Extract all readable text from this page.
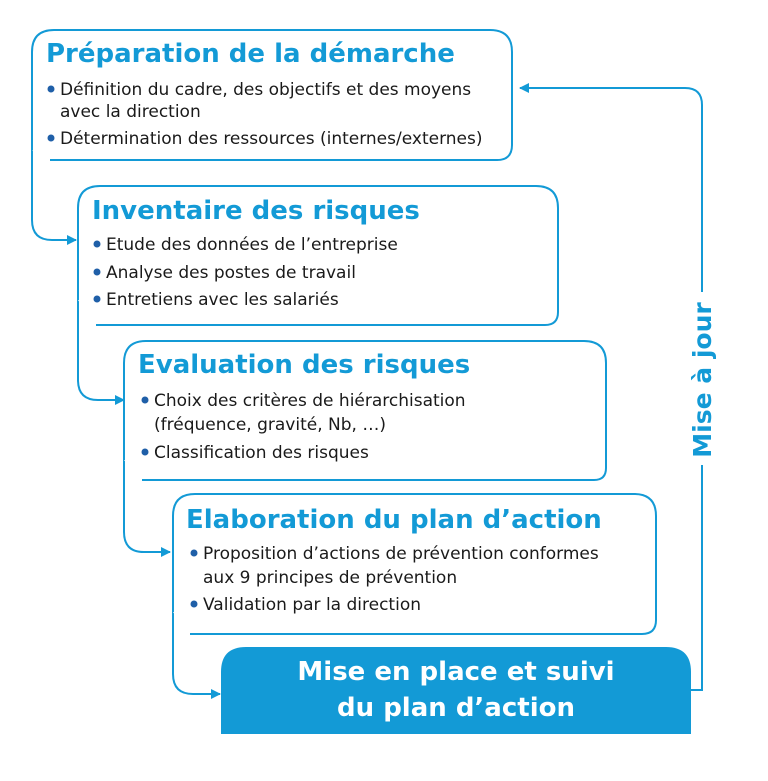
Préparation de la démarche
Définition du cadre, des objectifs et des moyens avec la direction
Détermination des ressources (internes/externes)
Inventaire des risques
Etude des données de l’entreprise
Analyse des postes de travail
Entretiens avec les salariés
Evaluation des risques
Choix des critères de hiérarchisation (fréquence, gravité, Nb, …)
Classification des risques
Elaboration du plan d’action
Proposition d’actions de prévention conformes aux 9 principes de prévention
Validation par la direction
Mise en place et suivi
du plan d’action
Mise à jour
